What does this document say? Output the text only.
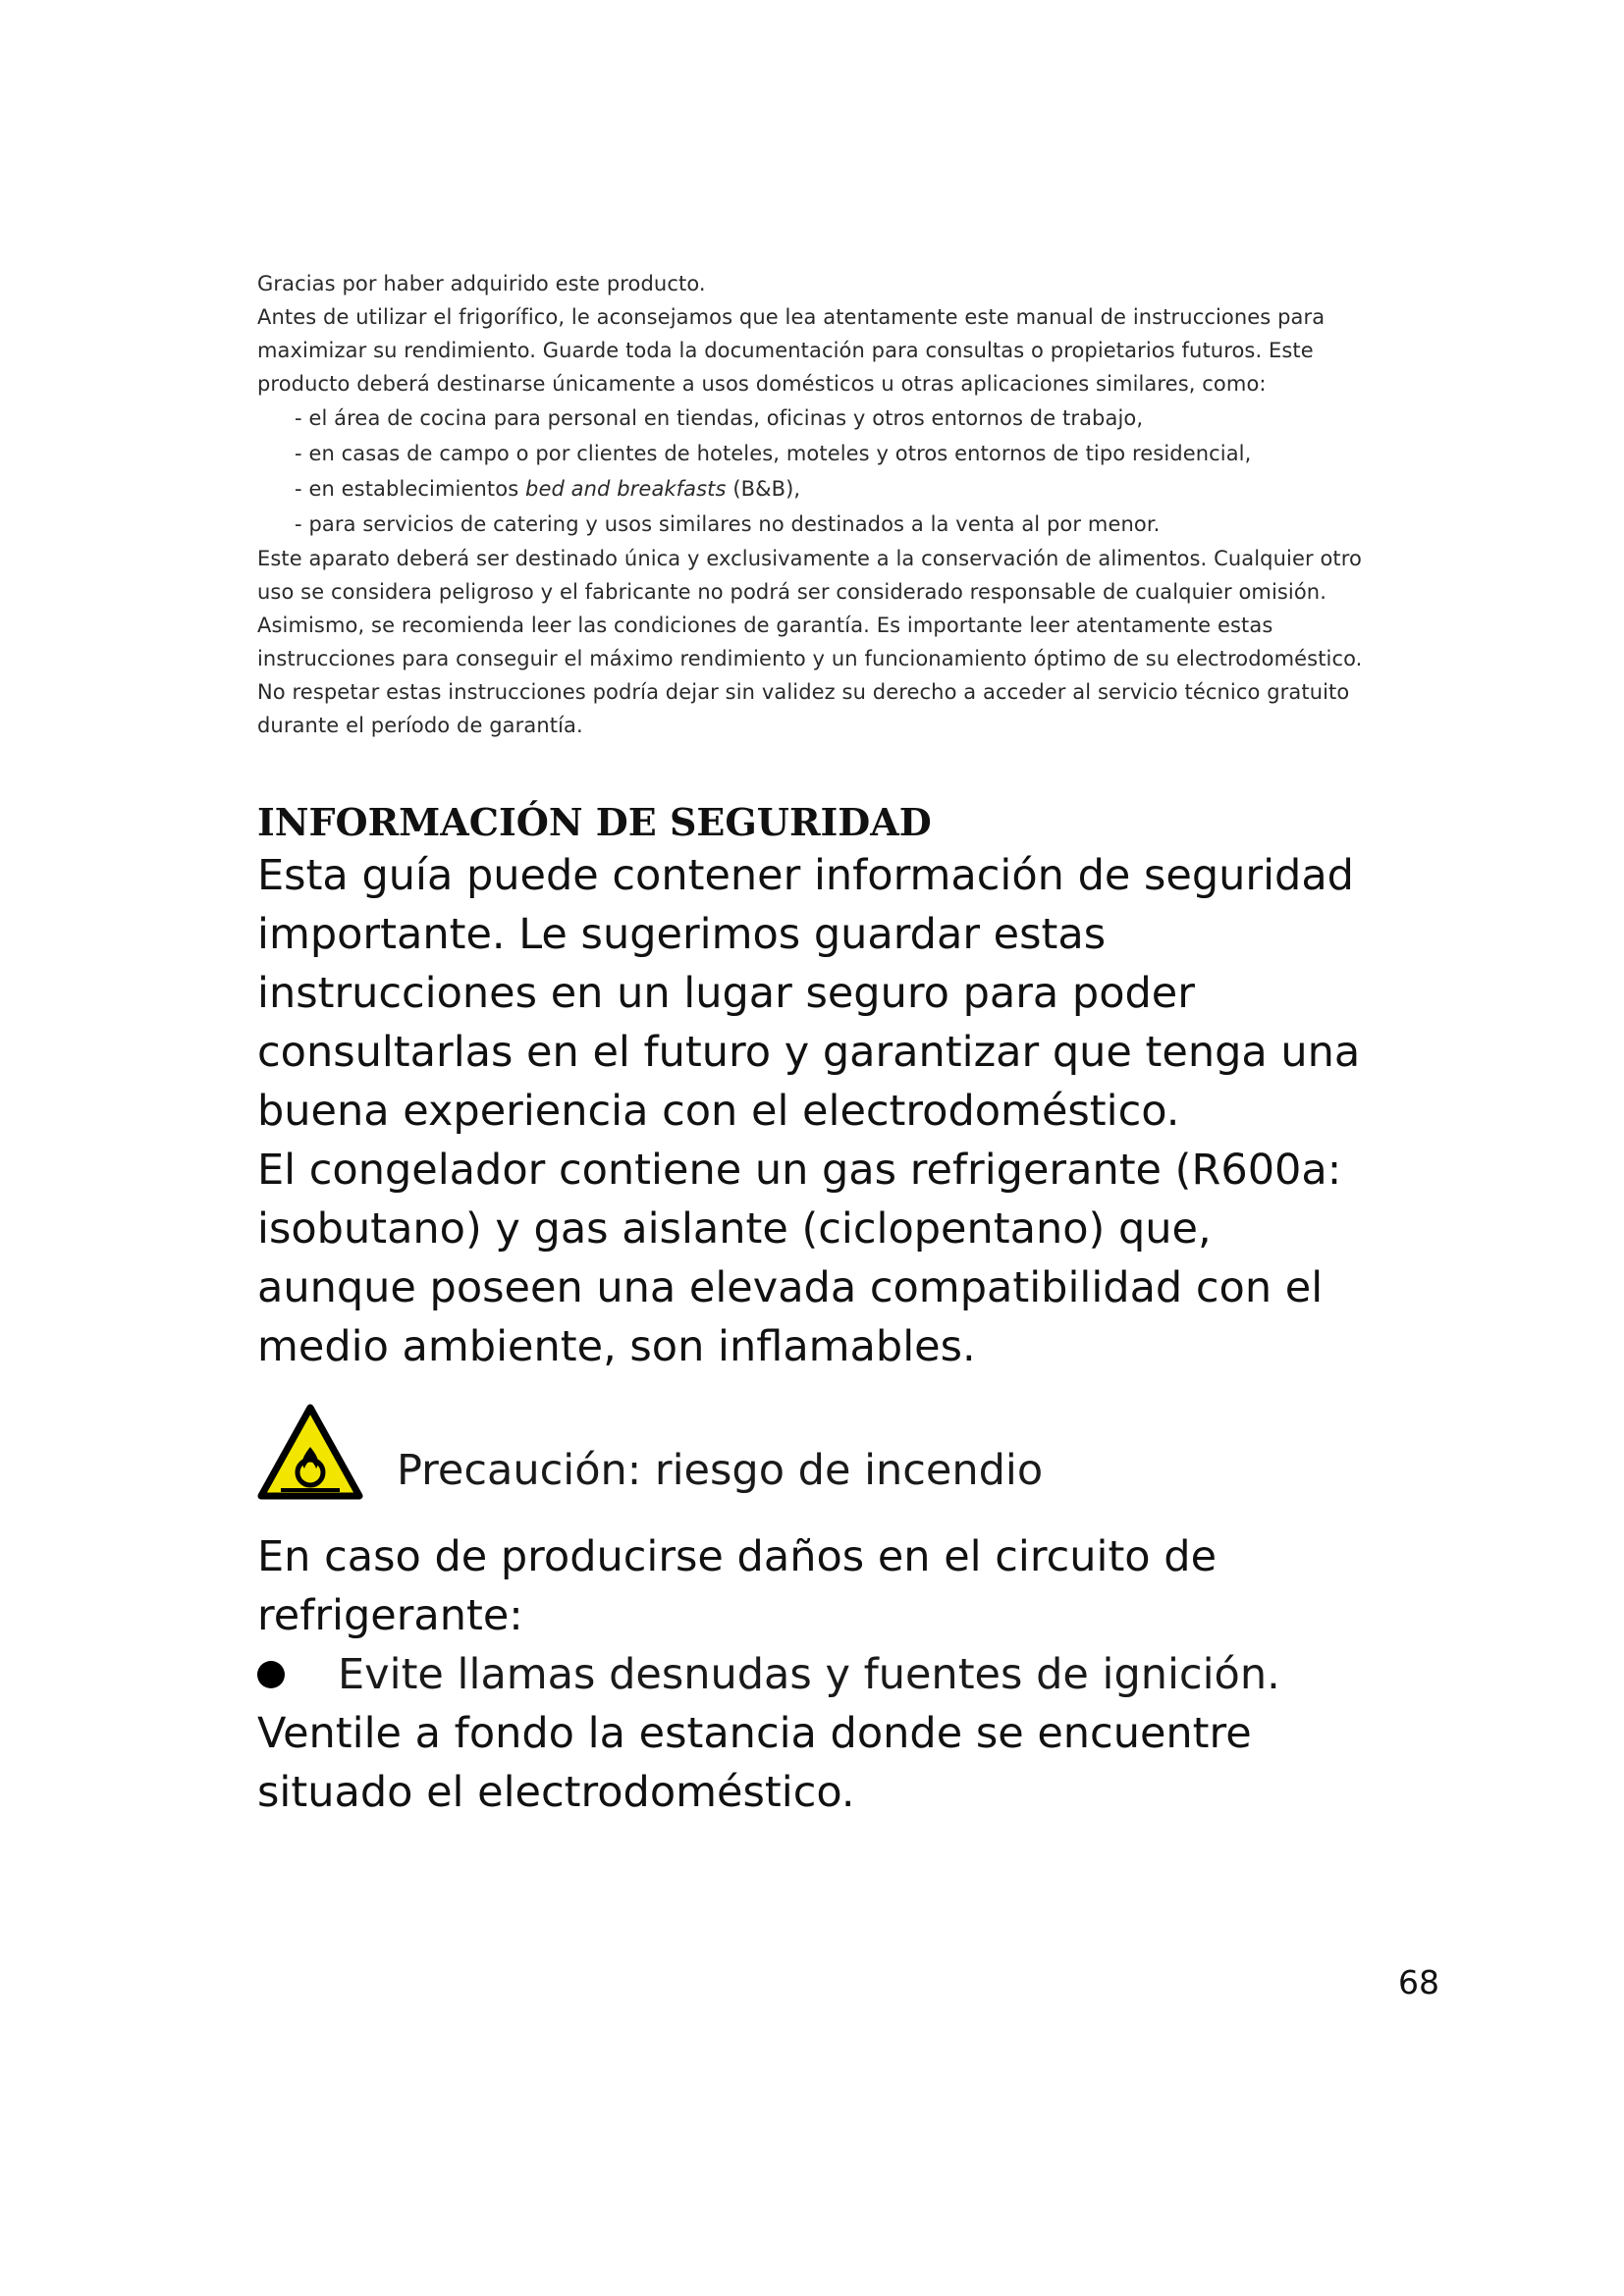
Gracias por haber adquirido este producto.

Antes de utilizar el frigorífico, le aconsejamos que lea atentamente este manual de instrucciones para maximizar su rendimiento. Guarde toda la documentación para consultas o propietarios futuros. Este producto deberá destinarse únicamente a usos domésticos u otras aplicaciones similares, como:

- el área de cocina para personal en tiendas, oficinas y otros entornos de trabajo,
- en casas de campo o por clientes de hoteles, moteles y otros entornos de tipo residencial,
- en establecimientos bed and breakfasts (B&B),
- para servicios de catering y usos similares no destinados a la venta al por menor.

Este aparato deberá ser destinado única y exclusivamente a la conservación de alimentos. Cualquier otro uso se considera peligroso y el fabricante no podrá ser considerado responsable de cualquier omisión. Asimismo, se recomienda leer las condiciones de garantía. Es importante leer atentamente estas instrucciones para conseguir el máximo rendimiento y un funcionamiento óptimo de su electrodoméstico. No respetar estas instrucciones podría dejar sin validez su derecho a acceder al servicio técnico gratuito durante el período de garantía.

INFORMACIÓN DE SEGURIDAD

Esta guía puede contener información de seguridad importante. Le sugerimos guardar estas instrucciones en un lugar seguro para poder consultarlas en el futuro y garantizar que tenga una buena experiencia con el electrodoméstico.

El congelador contiene un gas refrigerante (R600a: isobutano) y gas aislante (ciclopentano) que, aunque poseen una elevada compatibilidad con el medio ambiente, son inflamables.

Precaución: riesgo de incendio

En caso de producirse daños en el circuito de refrigerante:

Evite llamas desnudas y fuentes de ignición.

Ventile a fondo la estancia donde se encuentre situado el electrodoméstico.

68
